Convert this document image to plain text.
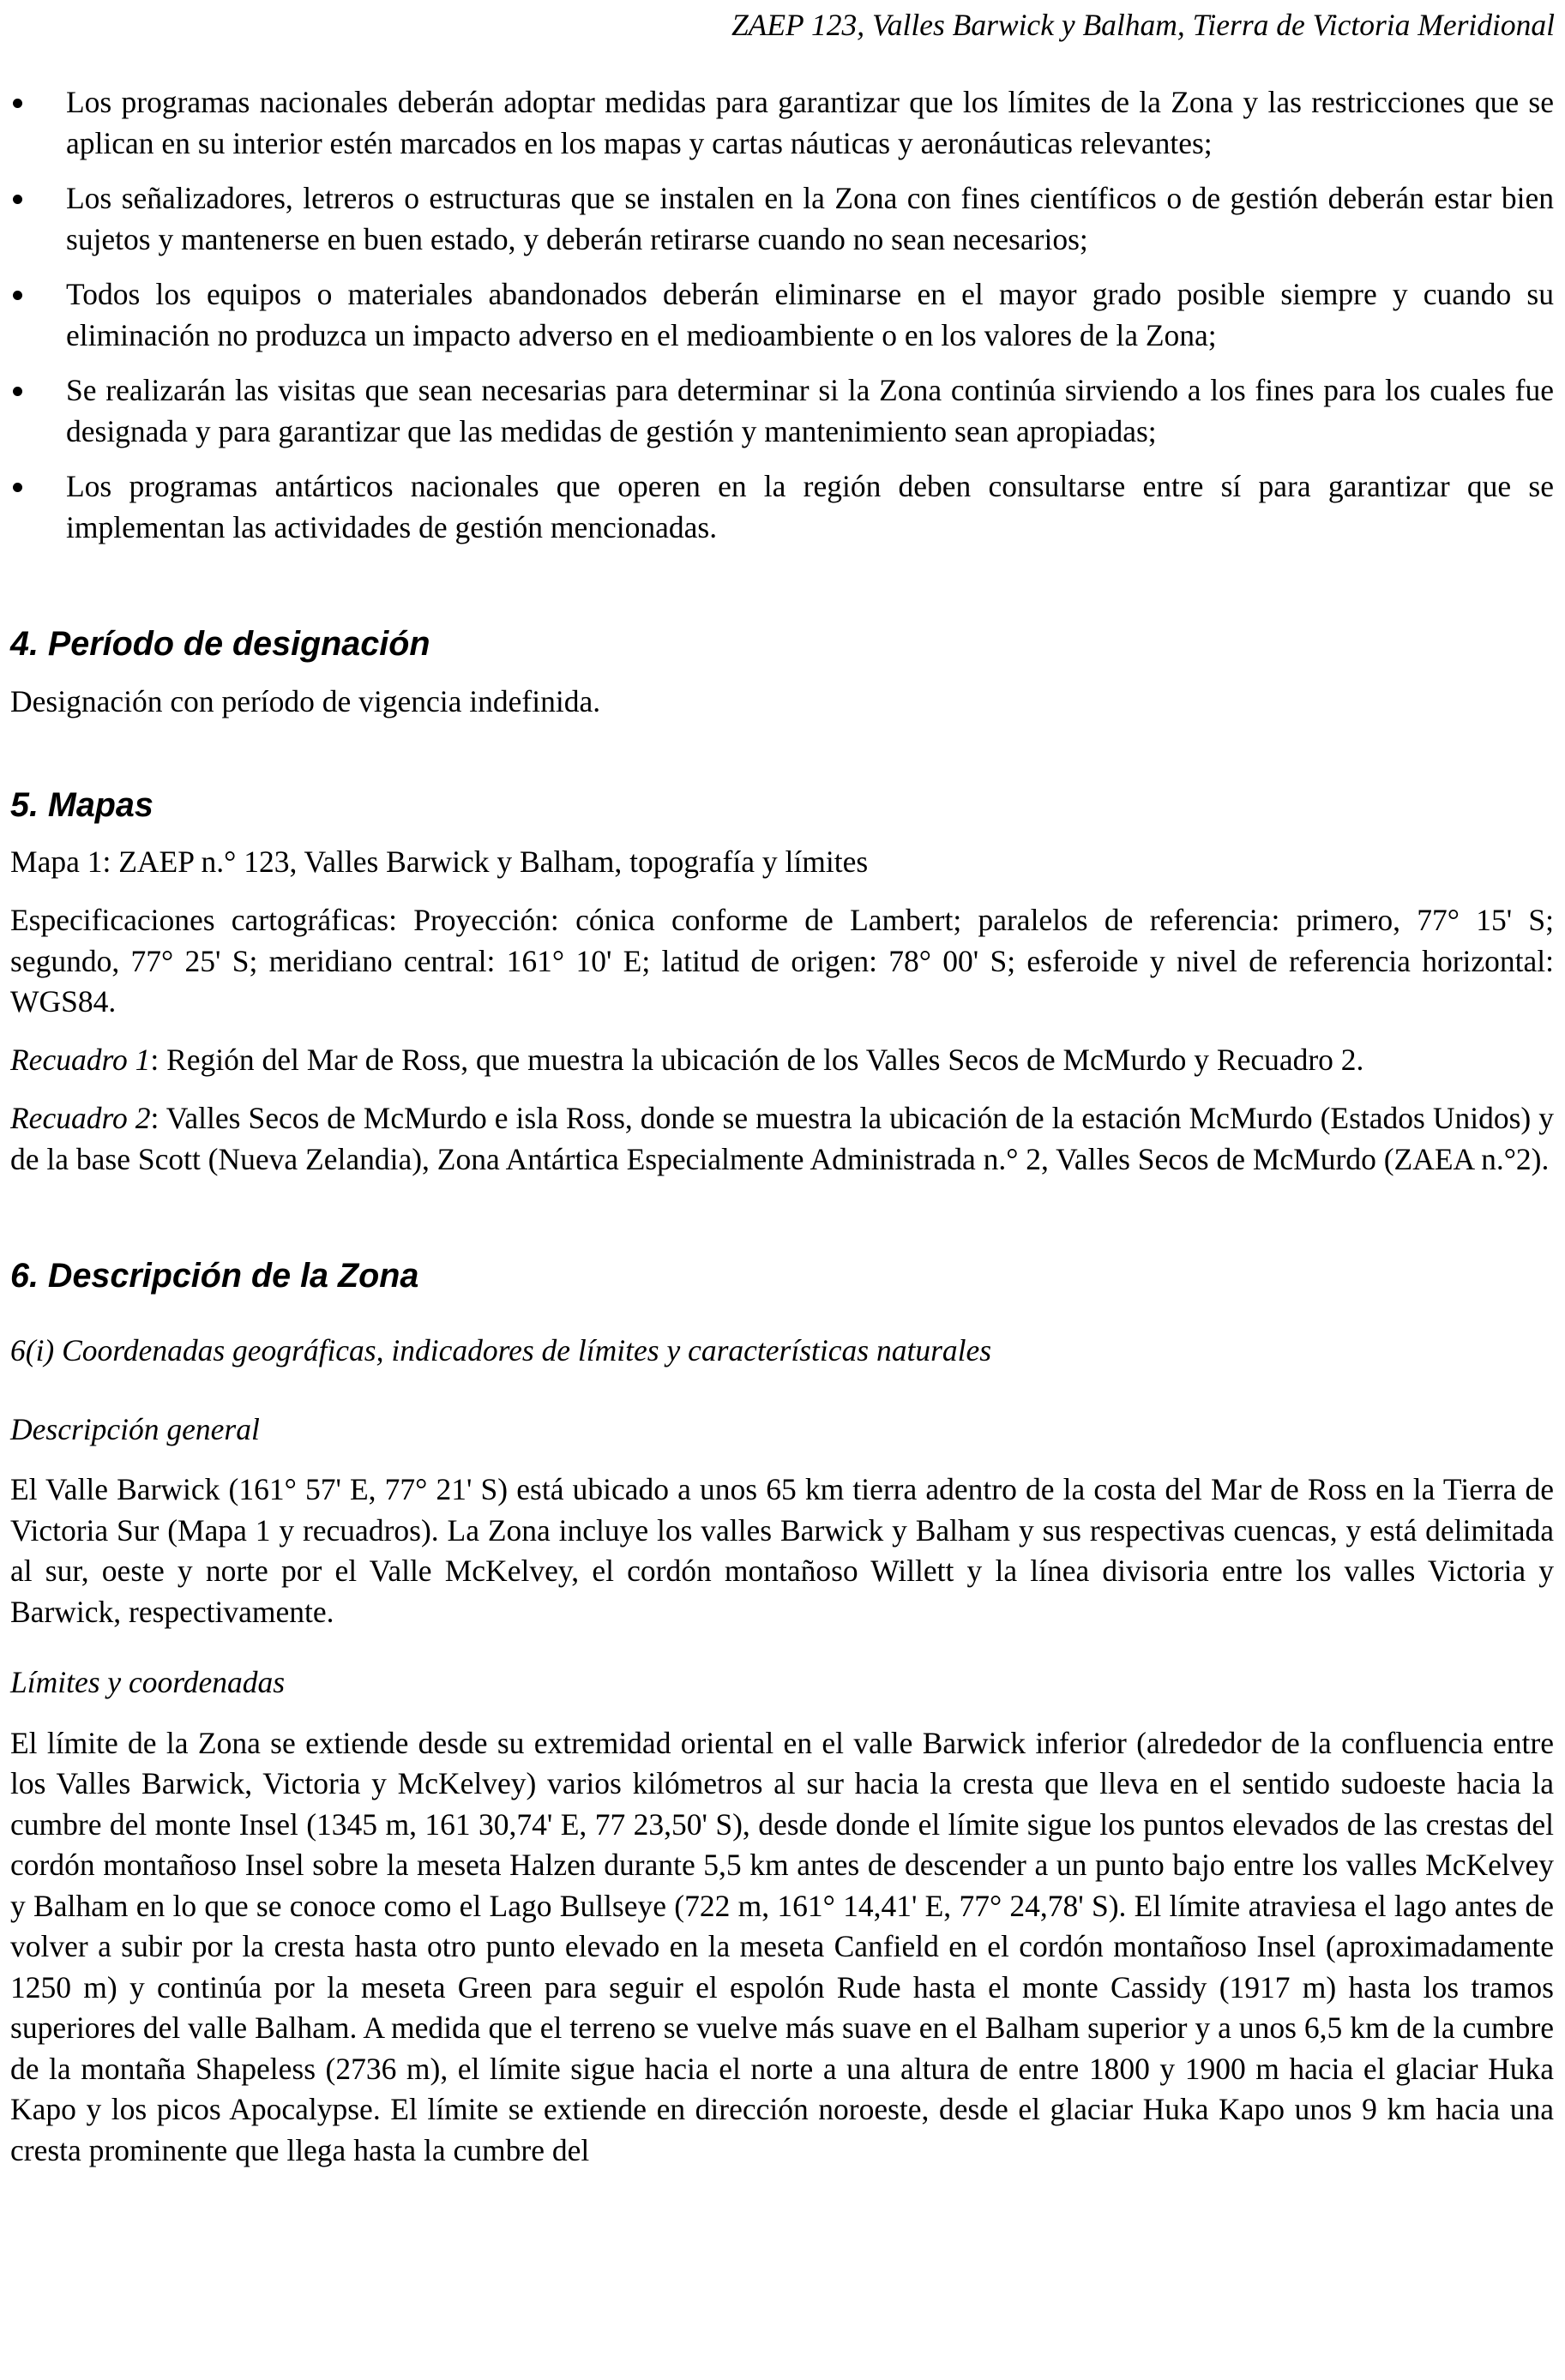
ZAEP 123, Valles Barwick y Balham, Tierra de Victoria Meridional

Los programas nacionales deberán adoptar medidas para garantizar que los límites de la Zona y las restricciones que se aplican en su interior estén marcados en los mapas y cartas náuticas y aeronáuticas relevantes;

Los señalizadores, letreros o estructuras que se instalen en la Zona con fines científicos o de gestión deberán estar bien sujetos y mantenerse en buen estado, y deberán retirarse cuando no sean necesarios;

Todos los equipos o materiales abandonados deberán eliminarse en el mayor grado posible siempre y cuando su eliminación no produzca un impacto adverso en el medioambiente o en los valores de la Zona;

Se realizarán las visitas que sean necesarias para determinar si la Zona continúa sirviendo a los fines para los cuales fue designada y para garantizar que las medidas de gestión y mantenimiento sean apropiadas;

Los programas antárticos nacionales que operen en la región deben consultarse entre sí para garantizar que se implementan las actividades de gestión mencionadas.

4. Período de designación

Designación con período de vigencia indefinida.

5. Mapas

Mapa 1: ZAEP n.° 123, Valles Barwick y Balham, topografía y límites

Especificaciones cartográficas: Proyección: cónica conforme de Lambert; paralelos de referencia: primero, 77° 15' S; segundo, 77° 25' S; meridiano central: 161° 10' E; latitud de origen: 78° 00' S; esferoide y nivel de referencia horizontal: WGS84.

Recuadro 1: Región del Mar de Ross, que muestra la ubicación de los Valles Secos de McMurdo y Recuadro 2.

Recuadro 2: Valles Secos de McMurdo e isla Ross, donde se muestra la ubicación de la estación McMurdo (Estados Unidos) y de la base Scott (Nueva Zelandia), Zona Antártica Especialmente Administrada n.° 2, Valles Secos de McMurdo (ZAEA n.°2).

6. Descripción de la Zona

6(i) Coordenadas geográficas, indicadores de límites y características naturales

Descripción general

El Valle Barwick (161° 57' E, 77° 21' S) está ubicado a unos 65 km tierra adentro de la costa del Mar de Ross en la Tierra de Victoria Sur (Mapa 1 y recuadros). La Zona incluye los valles Barwick y Balham y sus respectivas cuencas, y está delimitada al sur, oeste y norte por el Valle McKelvey, el cordón montañoso Willett y la línea divisoria entre los valles Victoria y Barwick, respectivamente.

Límites y coordenadas

El límite de la Zona se extiende desde su extremidad oriental en el valle Barwick inferior (alrededor de la confluencia entre los Valles Barwick, Victoria y McKelvey) varios kilómetros al sur hacia la cresta que lleva en el sentido sudoeste hacia la cumbre del monte Insel (1345 m, 161 30,74' E, 77 23,50' S), desde donde el límite sigue los puntos elevados de las crestas del cordón montañoso Insel sobre la meseta Halzen durante 5,5 km antes de descender a un punto bajo entre los valles McKelvey y Balham en lo que se conoce como el Lago Bullseye (722 m, 161° 14,41' E, 77° 24,78' S). El límite atraviesa el lago antes de volver a subir por la cresta hasta otro punto elevado en la meseta Canfield en el cordón montañoso Insel (aproximadamente 1250 m) y continúa por la meseta Green para seguir el espolón Rude hasta el monte Cassidy (1917 m) hasta los tramos superiores del valle Balham. A medida que el terreno se vuelve más suave en el Balham superior y a unos 6,5 km de la cumbre de la montaña Shapeless (2736 m), el límite sigue hacia el norte a una altura de entre 1800 y 1900 m hacia el glaciar Huka Kapo y los picos Apocalypse. El límite se extiende en dirección noroeste, desde el glaciar Huka Kapo unos 9 km hacia una cresta prominente que llega hasta la cumbre del
